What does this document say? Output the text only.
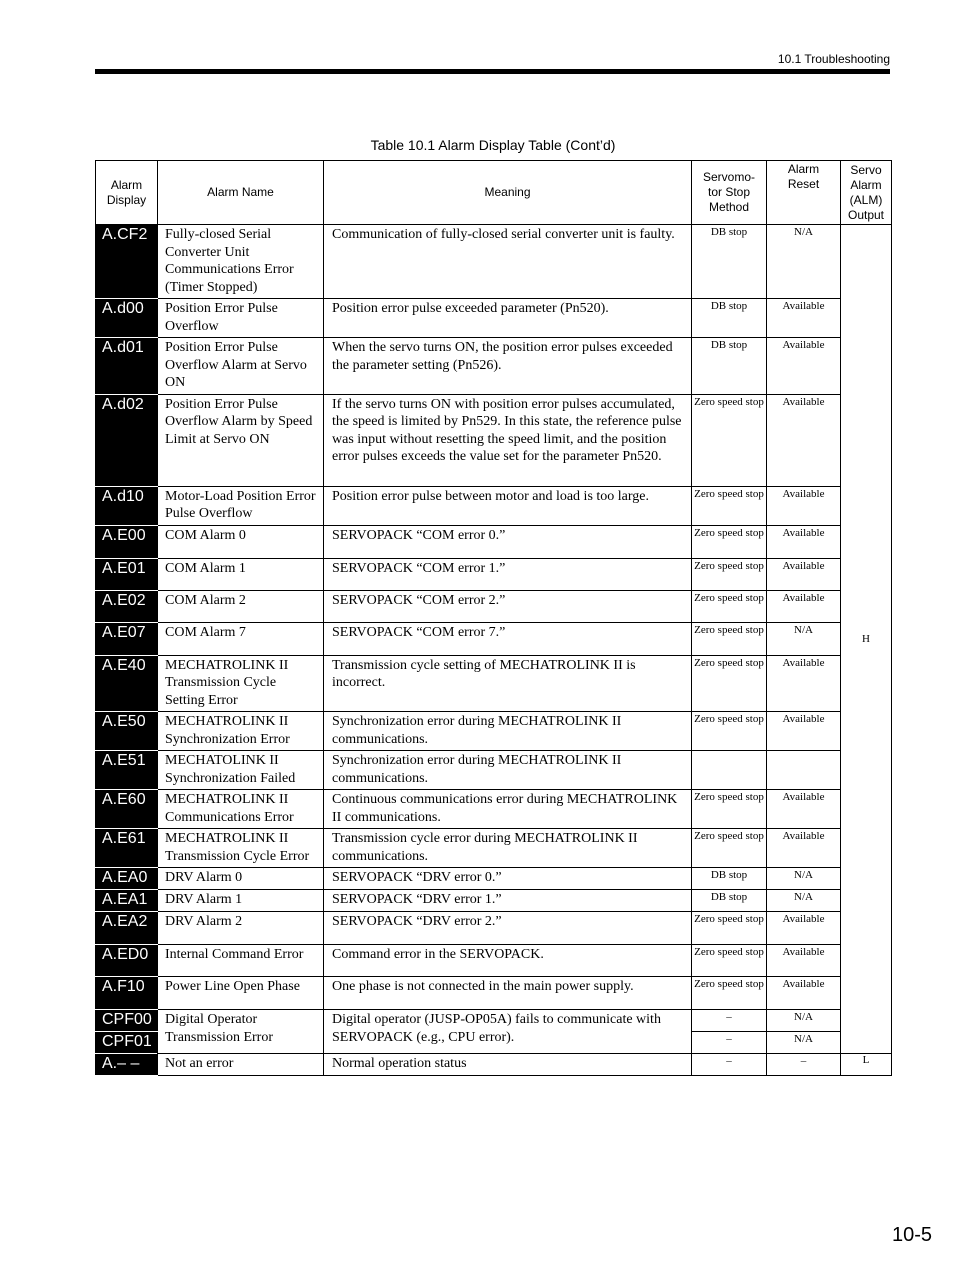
10.1 Troubleshooting
Table 10.1 Alarm Display Table (Cont’d)
Alarm
Display	Alarm Name	Meaning	Servomo-
tor Stop
Method	Alarm
Reset	Servo
Alarm
(ALM)
Output
A.CF2	Fully-closed Serial Converter Unit Communications Error (Timer Stopped)	Communication of fully-closed serial converter unit is faulty.	DB stop	N/A	H
A.d00	Position Error Pulse Overflow	Position error pulse exceeded parameter (Pn520).	DB stop	Available	
A.d01	Position Error Pulse Overflow Alarm at Servo ON	When the servo turns ON, the position error pulses exceeded the parameter setting (Pn526).	DB stop	Available	
A.d02	Position Error Pulse Overflow Alarm by Speed Limit at Servo ON	If the servo turns ON with position error pulses accumulated, the speed is limited by Pn529. In this state, the reference pulse was input without resetting the speed limit, and the position error pulses exceeds the value set for the parameter Pn520.	Zero speed stop	Available	
A.d10	Motor-Load Position Error Pulse Overflow	Position error pulse between motor and load is too large.	Zero speed stop	Available	
A.E00	COM Alarm 0	SERVOPACK “COM error 0.”	Zero speed stop	Available	
A.E01	COM Alarm 1	SERVOPACK “COM error 1.”	Zero speed stop	Available	
A.E02	COM Alarm 2	SERVOPACK “COM error 2.”	Zero speed stop	Available	
A.E07	COM Alarm 7	SERVOPACK “COM error 7.”	Zero speed stop	N/A	
A.E40	MECHATROLINK II Transmission Cycle Setting Error	Transmission cycle setting of MECHATROLINK II is incorrect.	Zero speed stop	Available	
A.E50	MECHATROLINK II Synchronization Error	Synchronization error during MECHATROLINK II communications.	Zero speed stop	Available	
A.E51	MECHATOLINK II Synchronization Failed	Synchronization error during MECHATROLINK II communications.			
A.E60	MECHATROLINK II Communications Error	Continuous communications error during MECHATROLINK II communications.	Zero speed stop	Available	
A.E61	MECHATROLINK II Transmission Cycle Error	Transmission cycle error during MECHATROLINK II communications.	Zero speed stop	Available	
A.EA0	DRV Alarm 0	SERVOPACK “DRV error 0.”	DB stop	N/A	
A.EA1	DRV Alarm 1	SERVOPACK “DRV error 1.”	DB stop	N/A	
A.EA2	DRV Alarm 2	SERVOPACK “DRV error 2.”	Zero speed stop	Available	
A.ED0	Internal Command Error	Command error in the SERVOPACK.	Zero speed stop	Available	
A.F10	Power Line Open Phase	One phase is not connected in the main power supply.	Zero speed stop	Available	
CPF00	Digital Operator Transmission Error	Digital operator (JUSP-OP05A) fails to communicate with SERVOPACK (e.g., CPU error).	–	N/A	
CPF01			–	N/A	
A.– –	Not an error	Normal operation status	–	–	L
10-5
